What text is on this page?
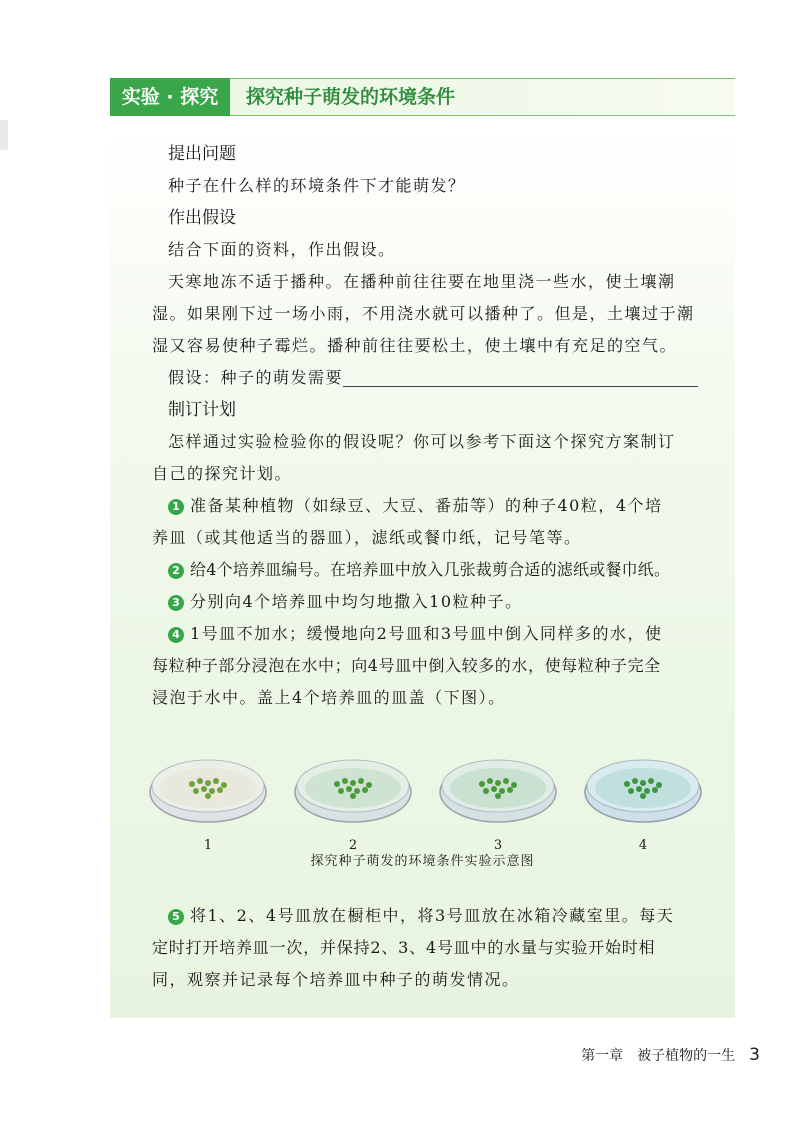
实验 · 探究	探究种子萌发的环境条件
提出问题
种子在什么样的环境条件下才能萌发？
作出假设
结合下面的资料，作出假设。
天寒地冻不适于播种。在播种前往往要在地里浇一些水，使土壤潮
湿。如果刚下过一场小雨，不用浇水就可以播种了。但是，土壤过于潮
湿又容易使种子霉烂。播种前往往要松土，使土壤中有充足的空气。
假设：种子的萌发需要
制订计划
怎样通过实验检验你的假设呢？你可以参考下面这个探究方案制订
自己的探究计划。
1 准备某种植物（如绿豆、大豆、番茄等）的种子40粒，4个培
养皿（或其他适当的器皿），滤纸或餐巾纸，记号笔等。
2 给4个培养皿编号。在培养皿中放入几张裁剪合适的滤纸或餐巾纸。
3 分别向4个培养皿中均匀地撒入10粒种子。
4 1号皿不加水；缓慢地向2号皿和3号皿中倒入同样多的水，使
每粒种子部分浸泡在水中；向4号皿中倒入较多的水，使每粒种子完全
浸泡于水中。盖上4个培养皿的皿盖（下图）。
1	2	3	4
探究种子萌发的环境条件实验示意图
5 将1、2、4号皿放在橱柜中，将3号皿放在冰箱冷藏室里。每天
定时打开培养皿一次，并保持2、3、4号皿中的水量与实验开始时相
同，观察并记录每个培养皿中种子的萌发情况。
第一章　被子植物的一生 3
